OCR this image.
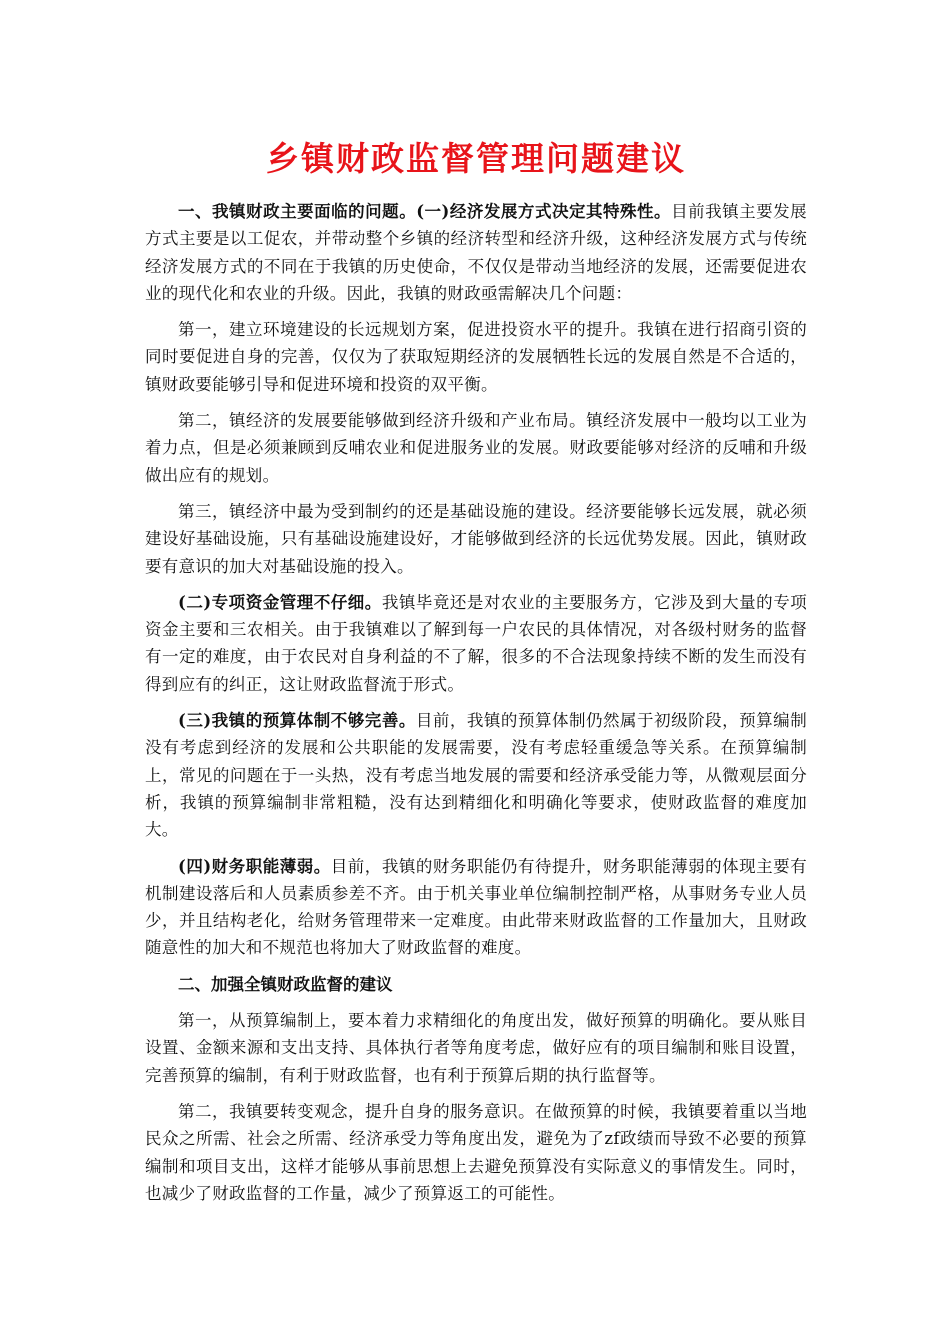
乡镇财政监督管理问题建议

一、我镇财政主要面临的问题。(一)经济发展方式决定其特殊性。目前我镇主要发展方式主要是以工促农，并带动整个乡镇的经济转型和经济升级，这种经济发展方式与传统经济发展方式的不同在于我镇的历史使命，不仅仅是带动当地经济的发展，还需要促进农业的现代化和农业的升级。因此，我镇的财政亟需解决几个问题：

第一，建立环境建设的长远规划方案，促进投资水平的提升。我镇在进行招商引资的同时要促进自身的完善，仅仅为了获取短期经济的发展牺牲长远的发展自然是不合适的，镇财政要能够引导和促进环境和投资的双平衡。

第二，镇经济的发展要能够做到经济升级和产业布局。镇经济发展中一般均以工业为着力点，但是必须兼顾到反哺农业和促进服务业的发展。财政要能够对经济的反哺和升级做出应有的规划。

第三，镇经济中最为受到制约的还是基础设施的建设。经济要能够长远发展，就必须建设好基础设施，只有基础设施建设好，才能够做到经济的长远优势发展。因此，镇财政要有意识的加大对基础设施的投入。

(二)专项资金管理不仔细。我镇毕竟还是对农业的主要服务方，它涉及到大量的专项资金主要和三农相关。由于我镇难以了解到每一户农民的具体情况，对各级村财务的监督有一定的难度，由于农民对自身利益的不了解，很多的不合法现象持续不断的发生而没有得到应有的纠正，这让财政监督流于形式。

(三)我镇的预算体制不够完善。目前，我镇的预算体制仍然属于初级阶段，预算编制没有考虑到经济的发展和公共职能的发展需要，没有考虑轻重缓急等关系。在预算编制上，常见的问题在于一头热，没有考虑当地发展的需要和经济承受能力等，从微观层面分析，我镇的预算编制非常粗糙，没有达到精细化和明确化等要求，使财政监督的难度加大。

(四)财务职能薄弱。目前，我镇的财务职能仍有待提升，财务职能薄弱的体现主要有机制建设落后和人员素质参差不齐。由于机关事业单位编制控制严格，从事财务专业人员少，并且结构老化，给财务管理带来一定难度。由此带来财政监督的工作量加大，且财政随意性的加大和不规范也将加大了财政监督的难度。

二、加强全镇财政监督的建议

第一，从预算编制上，要本着力求精细化的角度出发，做好预算的明确化。要从账目设置、金额来源和支出支持、具体执行者等角度考虑，做好应有的项目编制和账目设置，完善预算的编制，有利于财政监督，也有利于预算后期的执行监督等。

第二，我镇要转变观念，提升自身的服务意识。在做预算的时候，我镇要着重以当地民众之所需、社会之所需、经济承受力等角度出发，避免为了zf政绩而导致不必要的预算编制和项目支出，这样才能够从事前思想上去避免预算没有实际意义的事情发生。同时，也减少了财政监督的工作量，减少了预算返工的可能性。
